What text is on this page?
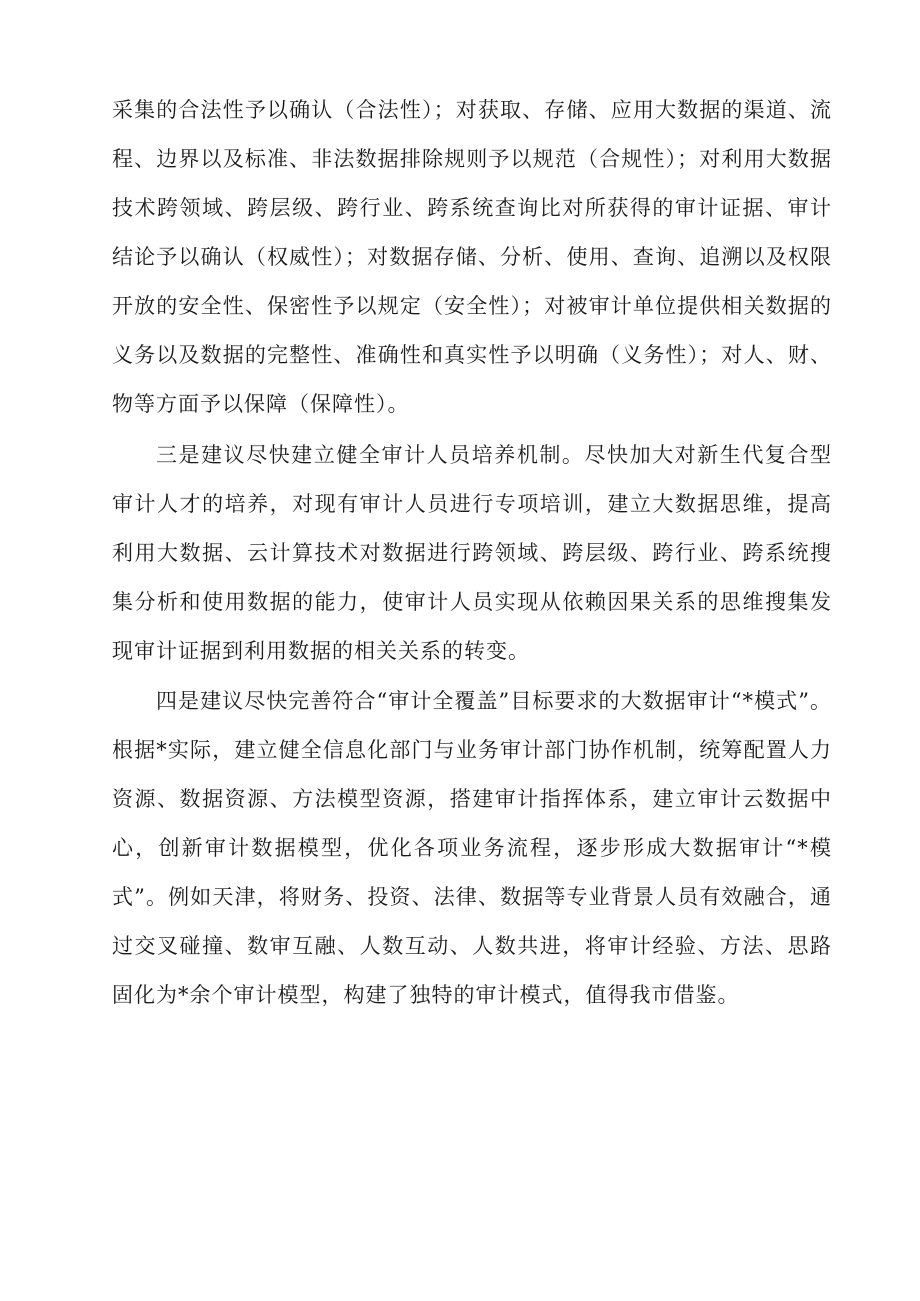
采集的合法性予以确认（合法性）；对获取、存储、应用大数据的渠道、流程、边界以及标准、非法数据排除规则予以规范（合规性）；对利用大数据技术跨领域、跨层级、跨行业、跨系统查询比对所获得的审计证据、审计结论予以确认（权威性）；对数据存储、分析、使用、查询、追溯以及权限开放的安全性、保密性予以规定（安全性）；对被审计单位提供相关数据的义务以及数据的完整性、准确性和真实性予以明确（义务性）；对人、财、物等方面予以保障（保障性）。

三是建议尽快建立健全审计人员培养机制。尽快加大对新生代复合型审计人才的培养，对现有审计人员进行专项培训，建立大数据思维，提高利用大数据、云计算技术对数据进行跨领域、跨层级、跨行业、跨系统搜集分析和使用数据的能力，使审计人员实现从依赖因果关系的思维搜集发现审计证据到利用数据的相关关系的转变。

四是建议尽快完善符合“审计全覆盖”目标要求的大数据审计“*模式”。根据*实际，建立健全信息化部门与业务审计部门协作机制，统筹配置人力资源、数据资源、方法模型资源，搭建审计指挥体系，建立审计云数据中心，创新审计数据模型，优化各项业务流程，逐步形成大数据审计“*模式”。例如天津，将财务、投资、法律、数据等专业背景人员有效融合，通过交叉碰撞、数审互融、人数互动、人数共进，将审计经验、方法、思路固化为*余个审计模型，构建了独特的审计模式，值得我市借鉴。
